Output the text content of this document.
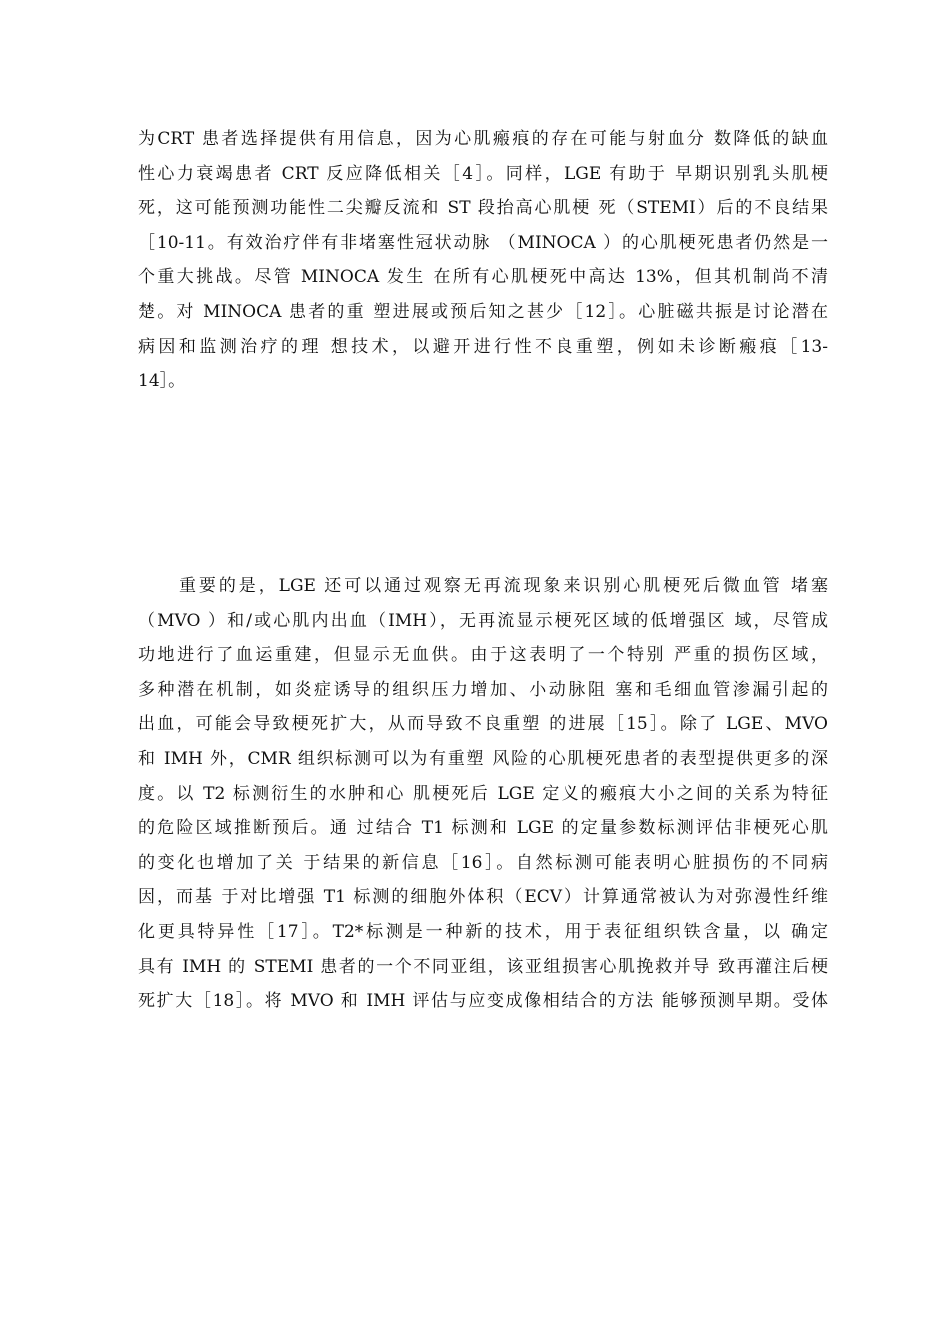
为CRT 患者选择提供有用信息，因为心肌瘢痕的存在可能与射血分 数降低的缺血
性心力衰竭患者 CRT 反应降低相关［4］。同样，LGE 有助于 早期识别乳头肌梗
死，这可能预测功能性二尖瓣反流和 ST 段抬高心肌梗 死（STEMI）后的不良结果
［10-11。有效治疗伴有非堵塞性冠状动脉 （MINOCA ）的心肌梗死患者仍然是一
个重大挑战。尽管 MINOCA 发生 在所有心肌梗死中高达 13%，但其机制尚不清
楚。对 MINOCA 患者的重 塑进展或预后知之甚少［12］。心脏磁共振是讨论潜在
病因和监测治疗的理 想技术，以避开进行性不良重塑，例如未诊断瘢痕［13-
14］。
重要的是，LGE 还可以通过观察无再流现象来识别心肌梗死后微血管 堵塞
（MVO ）和/或心肌内出血（IMH），无再流显示梗死区域的低增强区 域，尽管成
功地进行了血运重建，但显示无血供。由于这表明了一个特别 严重的损伤区域，
多种潜在机制，如炎症诱导的组织压力增加、小动脉阻 塞和毛细血管渗漏引起的
出血，可能会导致梗死扩大，从而导致不良重塑 的进展［15］。除了 LGE、MVO
和 IMH 外，CMR 组织标测可以为有重塑 风险的心肌梗死患者的表型提供更多的深
度。以 T2 标测衍生的水肿和心 肌梗死后 LGE 定义的瘢痕大小之间的关系为特征
的危险区域推断预后。通 过结合 T1 标测和 LGE 的定量参数标测评估非梗死心肌
的变化也增加了关 于结果的新信息［16］。自然标测可能表明心脏损伤的不同病
因，而基 于对比增强 T1 标测的细胞外体积（ECV）计算通常被认为对弥漫性纤维
化更具特异性［17］。T2*标测是一种新的技术，用于表征组织铁含量，以 确定
具有 IMH 的 STEMI 患者的一个不同亚组，该亚组损害心肌挽救并导 致再灌注后梗
死扩大［18］。将 MVO 和 IMH 评估与应变成像相结合的方法 能够预测早期。受体
